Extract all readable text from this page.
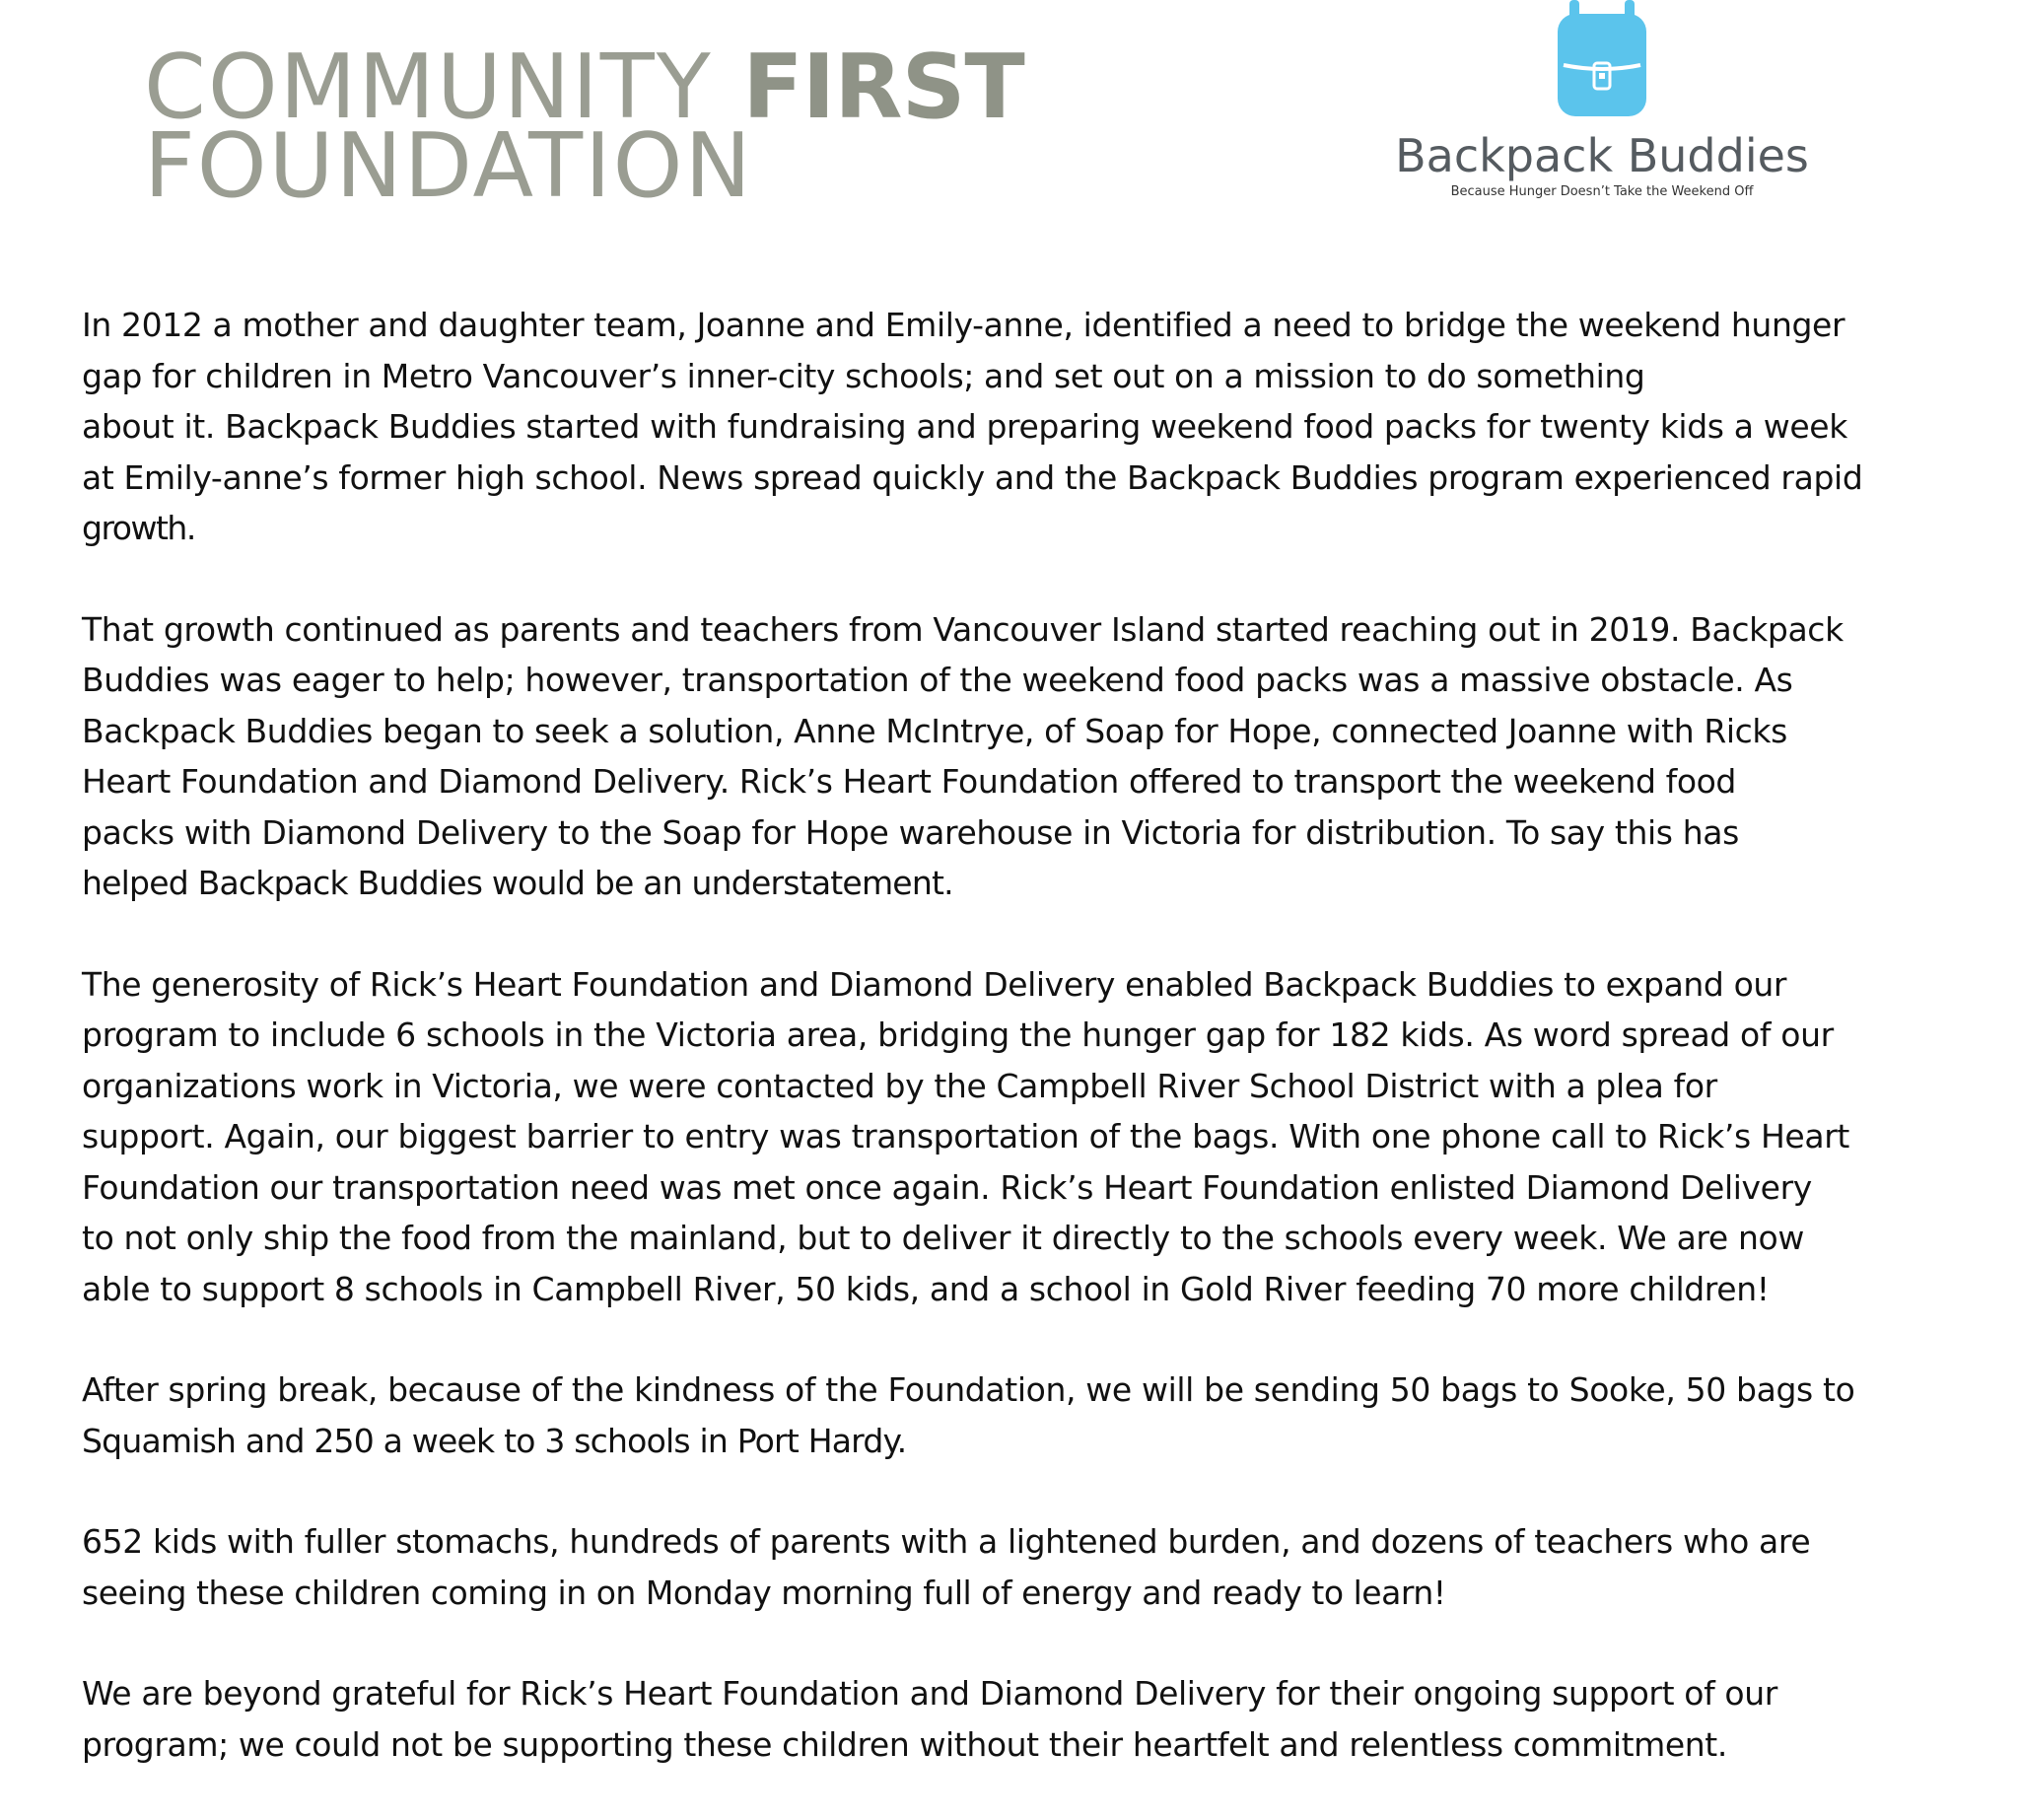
COMMUNITY FIRST
FOUNDATION	Backpack Buddies
Because Hunger Doesn’t Take the Weekend Off

In 2012 a mother and daughter team, Joanne and Emily-anne, identified a need to bridge the weekend hunger
gap for children in Metro Vancouver’s inner-city schools; and set out on a mission to do something
about it. Backpack Buddies started with fundraising and preparing weekend food packs for twenty kids a week
at Emily-anne’s former high school. News spread quickly and the Backpack Buddies program experienced rapid
growth.

That growth continued as parents and teachers from Vancouver Island started reaching out in 2019. Backpack
Buddies was eager to help; however, transportation of the weekend food packs was a massive obstacle. As
Backpack Buddies began to seek a solution, Anne McIntrye, of Soap for Hope, connected Joanne with Ricks
Heart Foundation and Diamond Delivery. Rick’s Heart Foundation offered to transport the weekend food
packs with Diamond Delivery to the Soap for Hope warehouse in Victoria for distribution. To say this has
helped Backpack Buddies would be an understatement.

The generosity of Rick’s Heart Foundation and Diamond Delivery enabled Backpack Buddies to expand our
program to include 6 schools in the Victoria area, bridging the hunger gap for 182 kids. As word spread of our
organizations work in Victoria, we were contacted by the Campbell River School District with a plea for
support. Again, our biggest barrier to entry was transportation of the bags. With one phone call to Rick’s Heart
Foundation our transportation need was met once again. Rick’s Heart Foundation enlisted Diamond Delivery
to not only ship the food from the mainland, but to deliver it directly to the schools every week. We are now
able to support 8 schools in Campbell River, 50 kids, and a school in Gold River feeding 70 more children!

After spring break, because of the kindness of the Foundation, we will be sending 50 bags to Sooke, 50 bags to
Squamish and 250 a week to 3 schools in Port Hardy.

652 kids with fuller stomachs, hundreds of parents with a lightened burden, and dozens of teachers who are
seeing these children coming in on Monday morning full of energy and ready to learn!

We are beyond grateful for Rick’s Heart Foundation and Diamond Delivery for their ongoing support of our
program; we could not be supporting these children without their heartfelt and relentless commitment.
